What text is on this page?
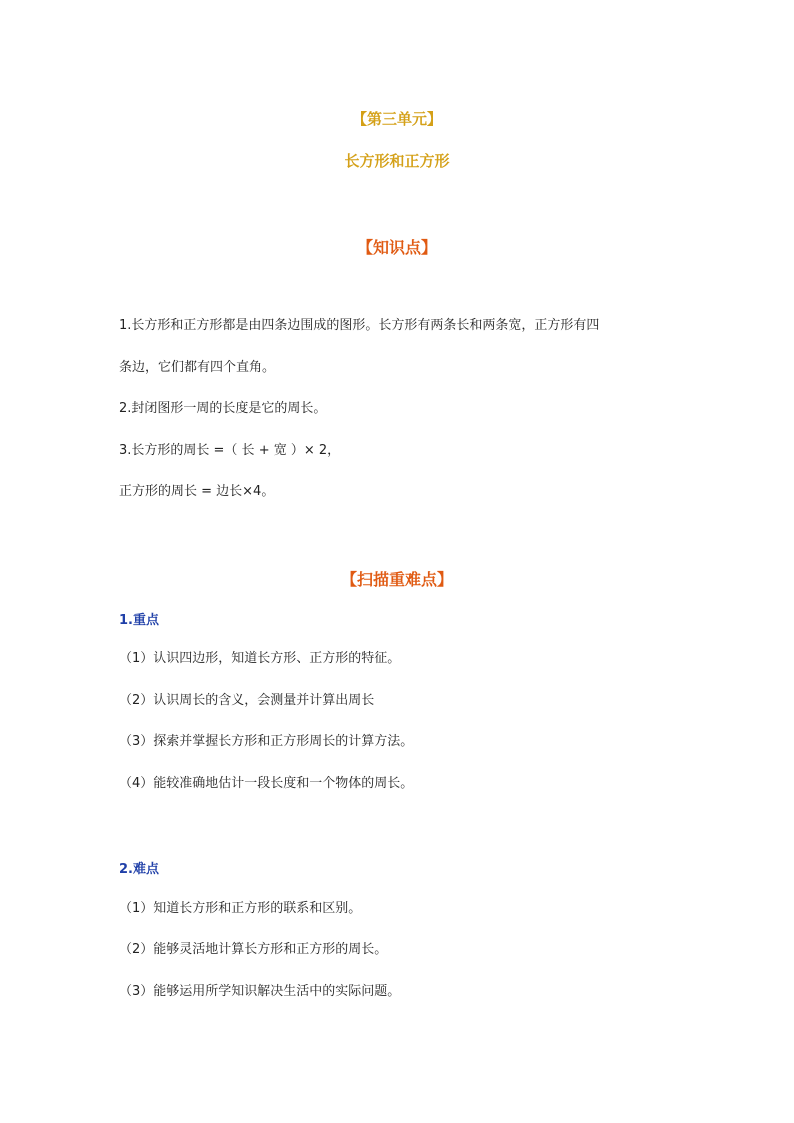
【第三单元】
长方形和正方形
【知识点】
1.长方形和正方形都是由四条边围成的图形。长方形有两条长和两条宽，正方形有四
条边，它们都有四个直角。
2.封闭图形一周的长度是它的周长。
3.长方形的周长 =（ 长 + 宽 ）× 2，
正方形的周长 = 边长×4。
【扫描重难点】
1.重点
（1）认识四边形，知道长方形、正方形的特征。
（2）认识周长的含义，会测量并计算出周长
（3）探索并掌握长方形和正方形周长的计算方法。
（4）能较准确地估计一段长度和一个物体的周长。
2.难点
（1）知道长方形和正方形的联系和区别。
（2）能够灵活地计算长方形和正方形的周长。
（3）能够运用所学知识解决生活中的实际问题。
